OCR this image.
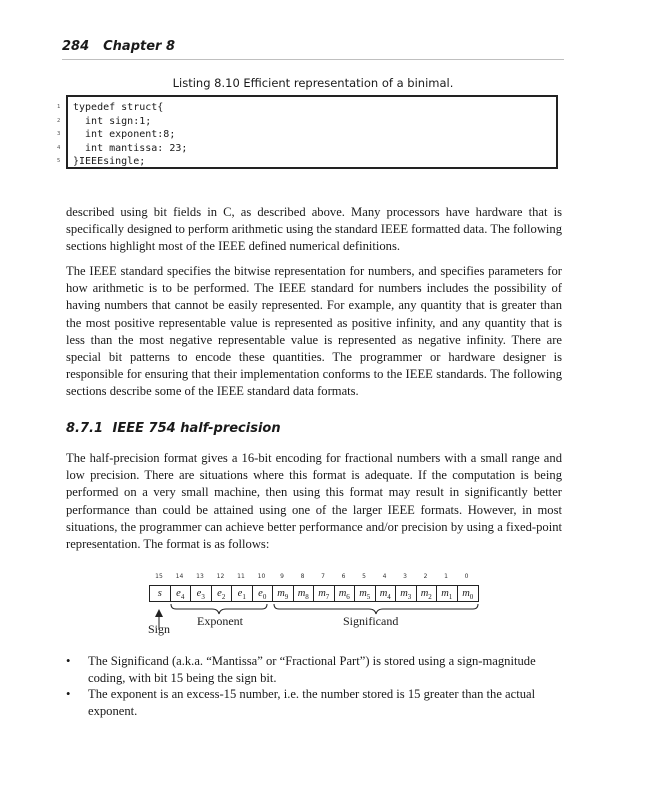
284 Chapter 8
Listing 8.10 Efficient representation of a binimal.
1
2
3
4
5
typedef struct{
int sign:1;
int exponent:8;
int mantissa: 23;
}IEEEsingle;

described using bit fields in C, as described above. Many processors have hardware that is specifically designed to perform arithmetic using the standard IEEE formatted data. The following sections highlight most of the IEEE defined numerical definitions.

The IEEE standard specifies the bitwise representation for numbers, and specifies parameters for how arithmetic is to be performed. The IEEE standard for numbers includes the possibility of having numbers that cannot be easily represented. For example, any quantity that is greater than the most positive representable value is represented as positive infinity, and any quantity that is less than the most negative representable value is represented as negative infinity. There are special bit patterns to encode these quantities. The programmer or hardware designer is responsible for ensuring that their implementation conforms to the IEEE standards. The following sections describe some of the IEEE standard data formats.

8.7.1 IEEE 754 half-precision

The half-precision format gives a 16-bit encoding for fractional numbers with a small range and low precision. There are situations where this format is adequate. If the computation is being performed on a very small machine, then using this format may result in significantly better performance than could be attained using one of the larger IEEE formats. However, in most situations, the programmer can achieve better performance and/or precision by using a fixed-point representation. The format is as follows:

15	14	13	12	11	10	9	8	7	6	5	4	3	2	1	0
s	$e_4$	$e_3$	$e_2$	$e_1$	$e_0$	$m_9$ $m_8$ $m_7$ $m_6$ $m_5$ $m_4$ $m_3$ $m_2$ $m_1$ $m_0$
Sign
Exponent	Significand
• The Significand (a.k.a. “Mantissa” or “Fractional Part”) is stored using a sign-magnitude coding, with bit 15 being the sign bit.
• The exponent is an excess-15 number, i.e. the number stored is 15 greater than the actual exponent.
